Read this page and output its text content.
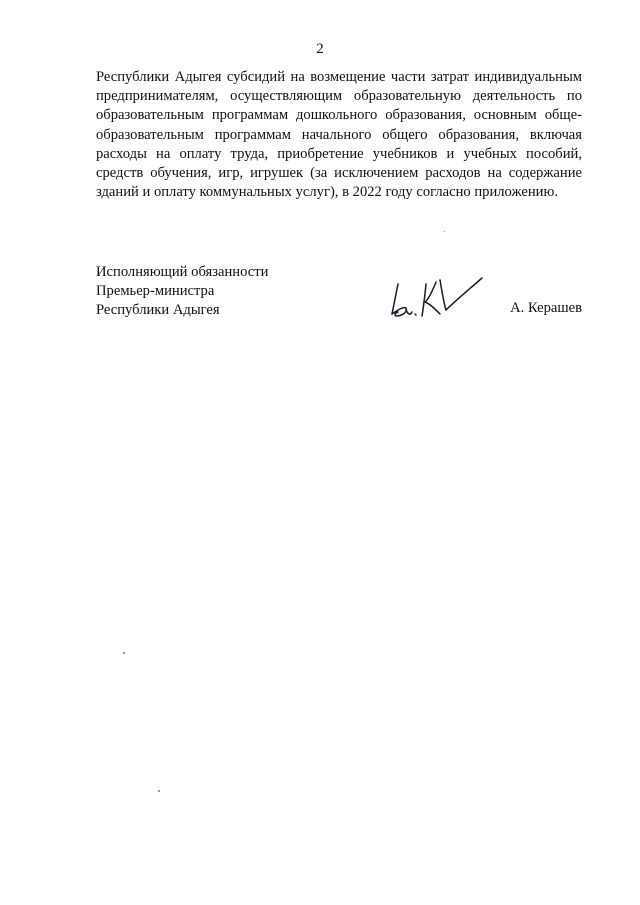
2
Республики Адыгея субсидий на возмещение части затрат индивидуальным
предпринимателям, осуществляющим образовательную деятельность по
образовательным программам дошкольного образования, основным обще-
образовательным программам начального общего образования, включая
расходы на оплату труда, приобретение учебников и учебных пособий,
средств обучения, игр, игрушек (за исключением расходов на содержание
зданий и оплату коммунальных услуг), в 2022 году согласно приложению.
Исполняющий обязанности
Премьер-министра
Республики Адыгея	А. Керашев
